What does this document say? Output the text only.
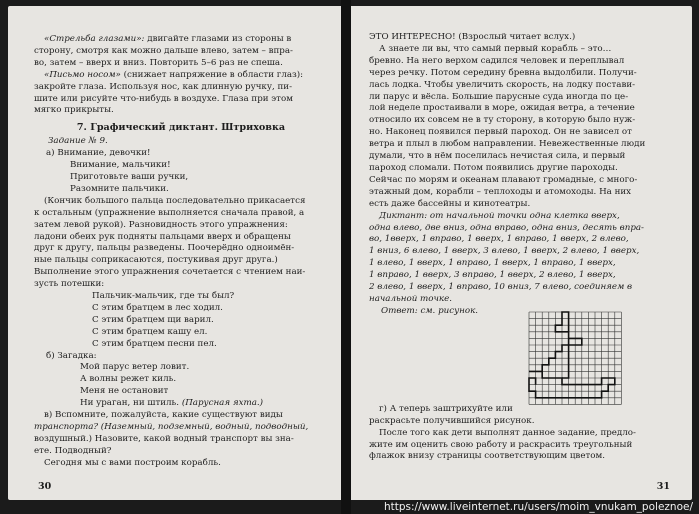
«Стрельба глазами»: двигайте глазами из стороны в
сторону, смотря как можно дальше влево, затем – впра-
во, затем – вверх и вниз. Повторить 5–6 раз не спеша.

«Письмо носом» (снижает напряжение в области глаз):
закройте глаза. Используя нос, как длинную ручку, пи-
шите или рисуйте что-нибудь в воздухе. Глаза при этом
мягко прикрыты.

7. Графический диктант. Штриховка
Задание № 9.
а) Внимание, девочки!
Внимание, мальчики!
Приготовьте ваши ручки,
Разомните пальчики.

(Кончик большого пальца последовательно прикасается
к остальным (упражнение выполняется сначала правой, а
затем левой рукой). Разновидность этого упражнения:
ладони обеих рук подняты пальцами вверх и обращены
друг к другу, пальцы разведены. Поочерёдно одноимён-
ные пальцы соприкасаются, постукивая друг друга.)
Выполнение этого упражнения сочетается с чтением наи-
зусть потешки:

Пальчик-мальчик, где ты был?
С этим братцем в лес ходил.
С этим братцем щи варил.
С этим братцем кашу ел.
С этим братцем песни пел.
б) Загадка:
Мой парус ветер ловит.
А волны режет киль.
Меня не остановит
Ни ураган, ни штиль. (Парусная яхта.)

в) Вспомните, пожалуйста, какие существуют виды
транспорта? (Наземный, подземный, водный, подводный,
воздушный.) Назовите, какой водный транспорт вы зна-
ете. Подводный?

Сегодня мы с вами построим корабль.

30
ЭТО ИНТЕРЕСНО! (Взрослый читает вслух.)

А знаете ли вы, что самый первый корабль – это…
бревно. На него верхом садился человек и переплывал
через речку. Потом середину бревна выдолбили. Получи-
лась лодка. Чтобы увеличить скорость, на лодку постави-
ли парус и вёсла. Большие парусные суда иногда по це-
лой неделе простаивали в море, ожидая ветра, а течение
относило их совсем не в ту сторону, в которую было нуж-
но. Наконец появился первый пароход. Он не зависел от
ветра и плыл в любом направлении. Невежественные люди
думали, что в нём поселилась нечистая сила, и первый
пароход сломали. Потом появились другие пароходы.
Сейчас по морям и океанам плавают громадные, с много-
этажный дом, корабли – теплоходы и атомоходы. На них
есть даже бассейны и кинотеатры.

Диктант: от начальной точки одна клетка вверх,
одна влево, две вниз, одна вправо, одна вниз, десять впра-
во, 1вверх, 1 вправо, 1 вверх, 1 вправо, 1 вверх, 2 влево,
1 вниз, 6 влево, 1 вверх, 3 влево, 1 вверх, 2 влево, 1 вверх,
1 влево, 1 вверх, 1 вправо, 1 вверх, 1 вправо, 1 вверх,
1 вправо, 1 вверх, 3 вправо, 1 вверх, 2 влево, 1 вверх,
2 влево, 1 вверх, 1 вправо, 10 вниз, 7 влево, соединяем в
начальной точке.

Ответ: см. рисунок.

г) А теперь заштрихуйте или

раскрасьте получившийся рисунок.

После того как дети выполнят данное задание, предло-
жите им оценить свою работу и раскрасить треугольный
флажок внизу страницы соответствующим цветом.

31
https://www.liveinternet.ru/users/moim_vnukam_poleznoe/
